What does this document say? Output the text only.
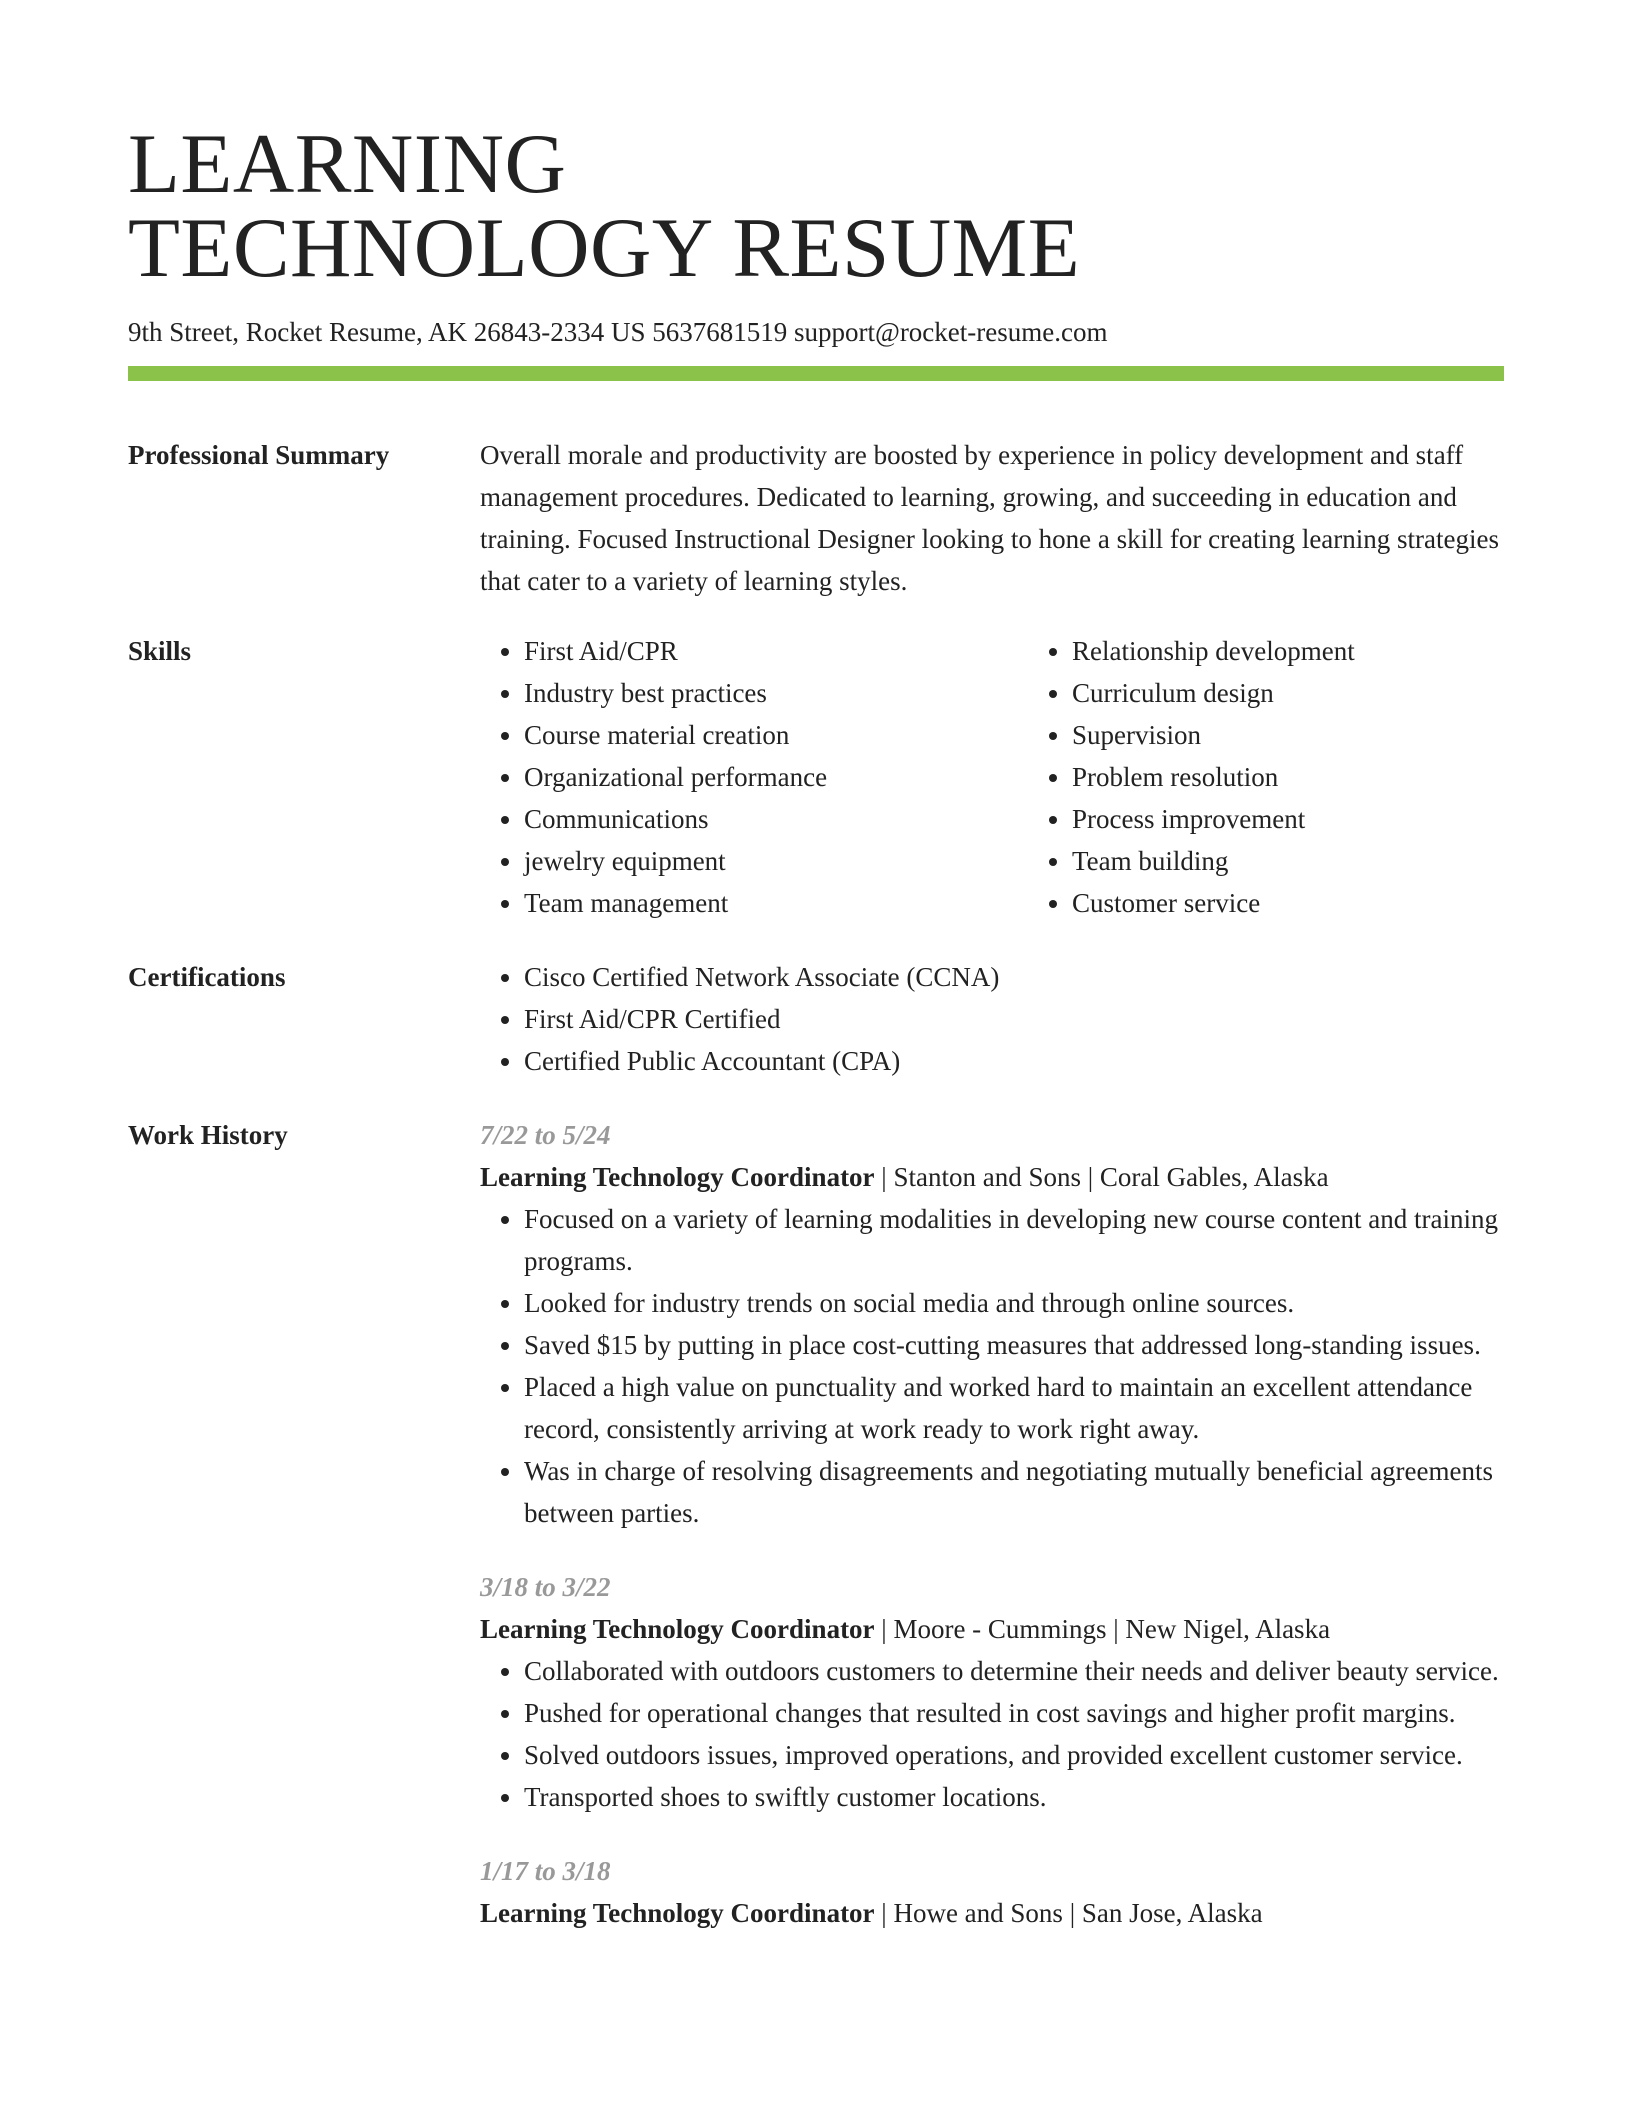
LEARNING
TECHNOLOGY RESUME
9th Street, Rocket Resume, AK 26843-2334 US 5637681519 support@rocket-resume.com
Professional Summary	Overall morale and productivity are boosted by experience in policy development and staff management procedures. Dedicated to learning, growing, and succeeding in education and training. Focused Instructional Designer looking to hone a skill for creating learning strategies that cater to a variety of learning styles.

Skills	• First Aid/CPR
• Industry best practices
• Course material creation
• Organizational performance
• Communications
• jewelry equipment
• Team management
• Relationship development
• Curriculum design
• Supervision
• Problem resolution
• Process improvement
• Team building
• Customer service
Certifications	• Cisco Certified Network Associate (CCNA)
• First Aid/CPR Certified
• Certified Public Accountant (CPA)
Work History	7/22 to 5/24

Learning Technology Coordinator | Stanton and Sons | Coral Gables, Alaska

• Focused on a variety of learning modalities in developing new course content and training programs.
• Looked for industry trends on social media and through online sources.
• Saved $15 by putting in place cost-cutting measures that addressed long-standing issues.
• Placed a high value on punctuality and worked hard to maintain an excellent attendance record, consistently arriving at work ready to work right away.
• Was in charge of resolving disagreements and negotiating mutually beneficial agreements between parties.
3/18 to 3/22

Learning Technology Coordinator | Moore - Cummings | New Nigel, Alaska

• Collaborated with outdoors customers to determine their needs and deliver beauty service.
• Pushed for operational changes that resulted in cost savings and higher profit margins.
• Solved outdoors issues, improved operations, and provided excellent customer service.
• Transported shoes to swiftly customer locations.
1/17 to 3/18

Learning Technology Coordinator | Howe and Sons | San Jose, Alaska
